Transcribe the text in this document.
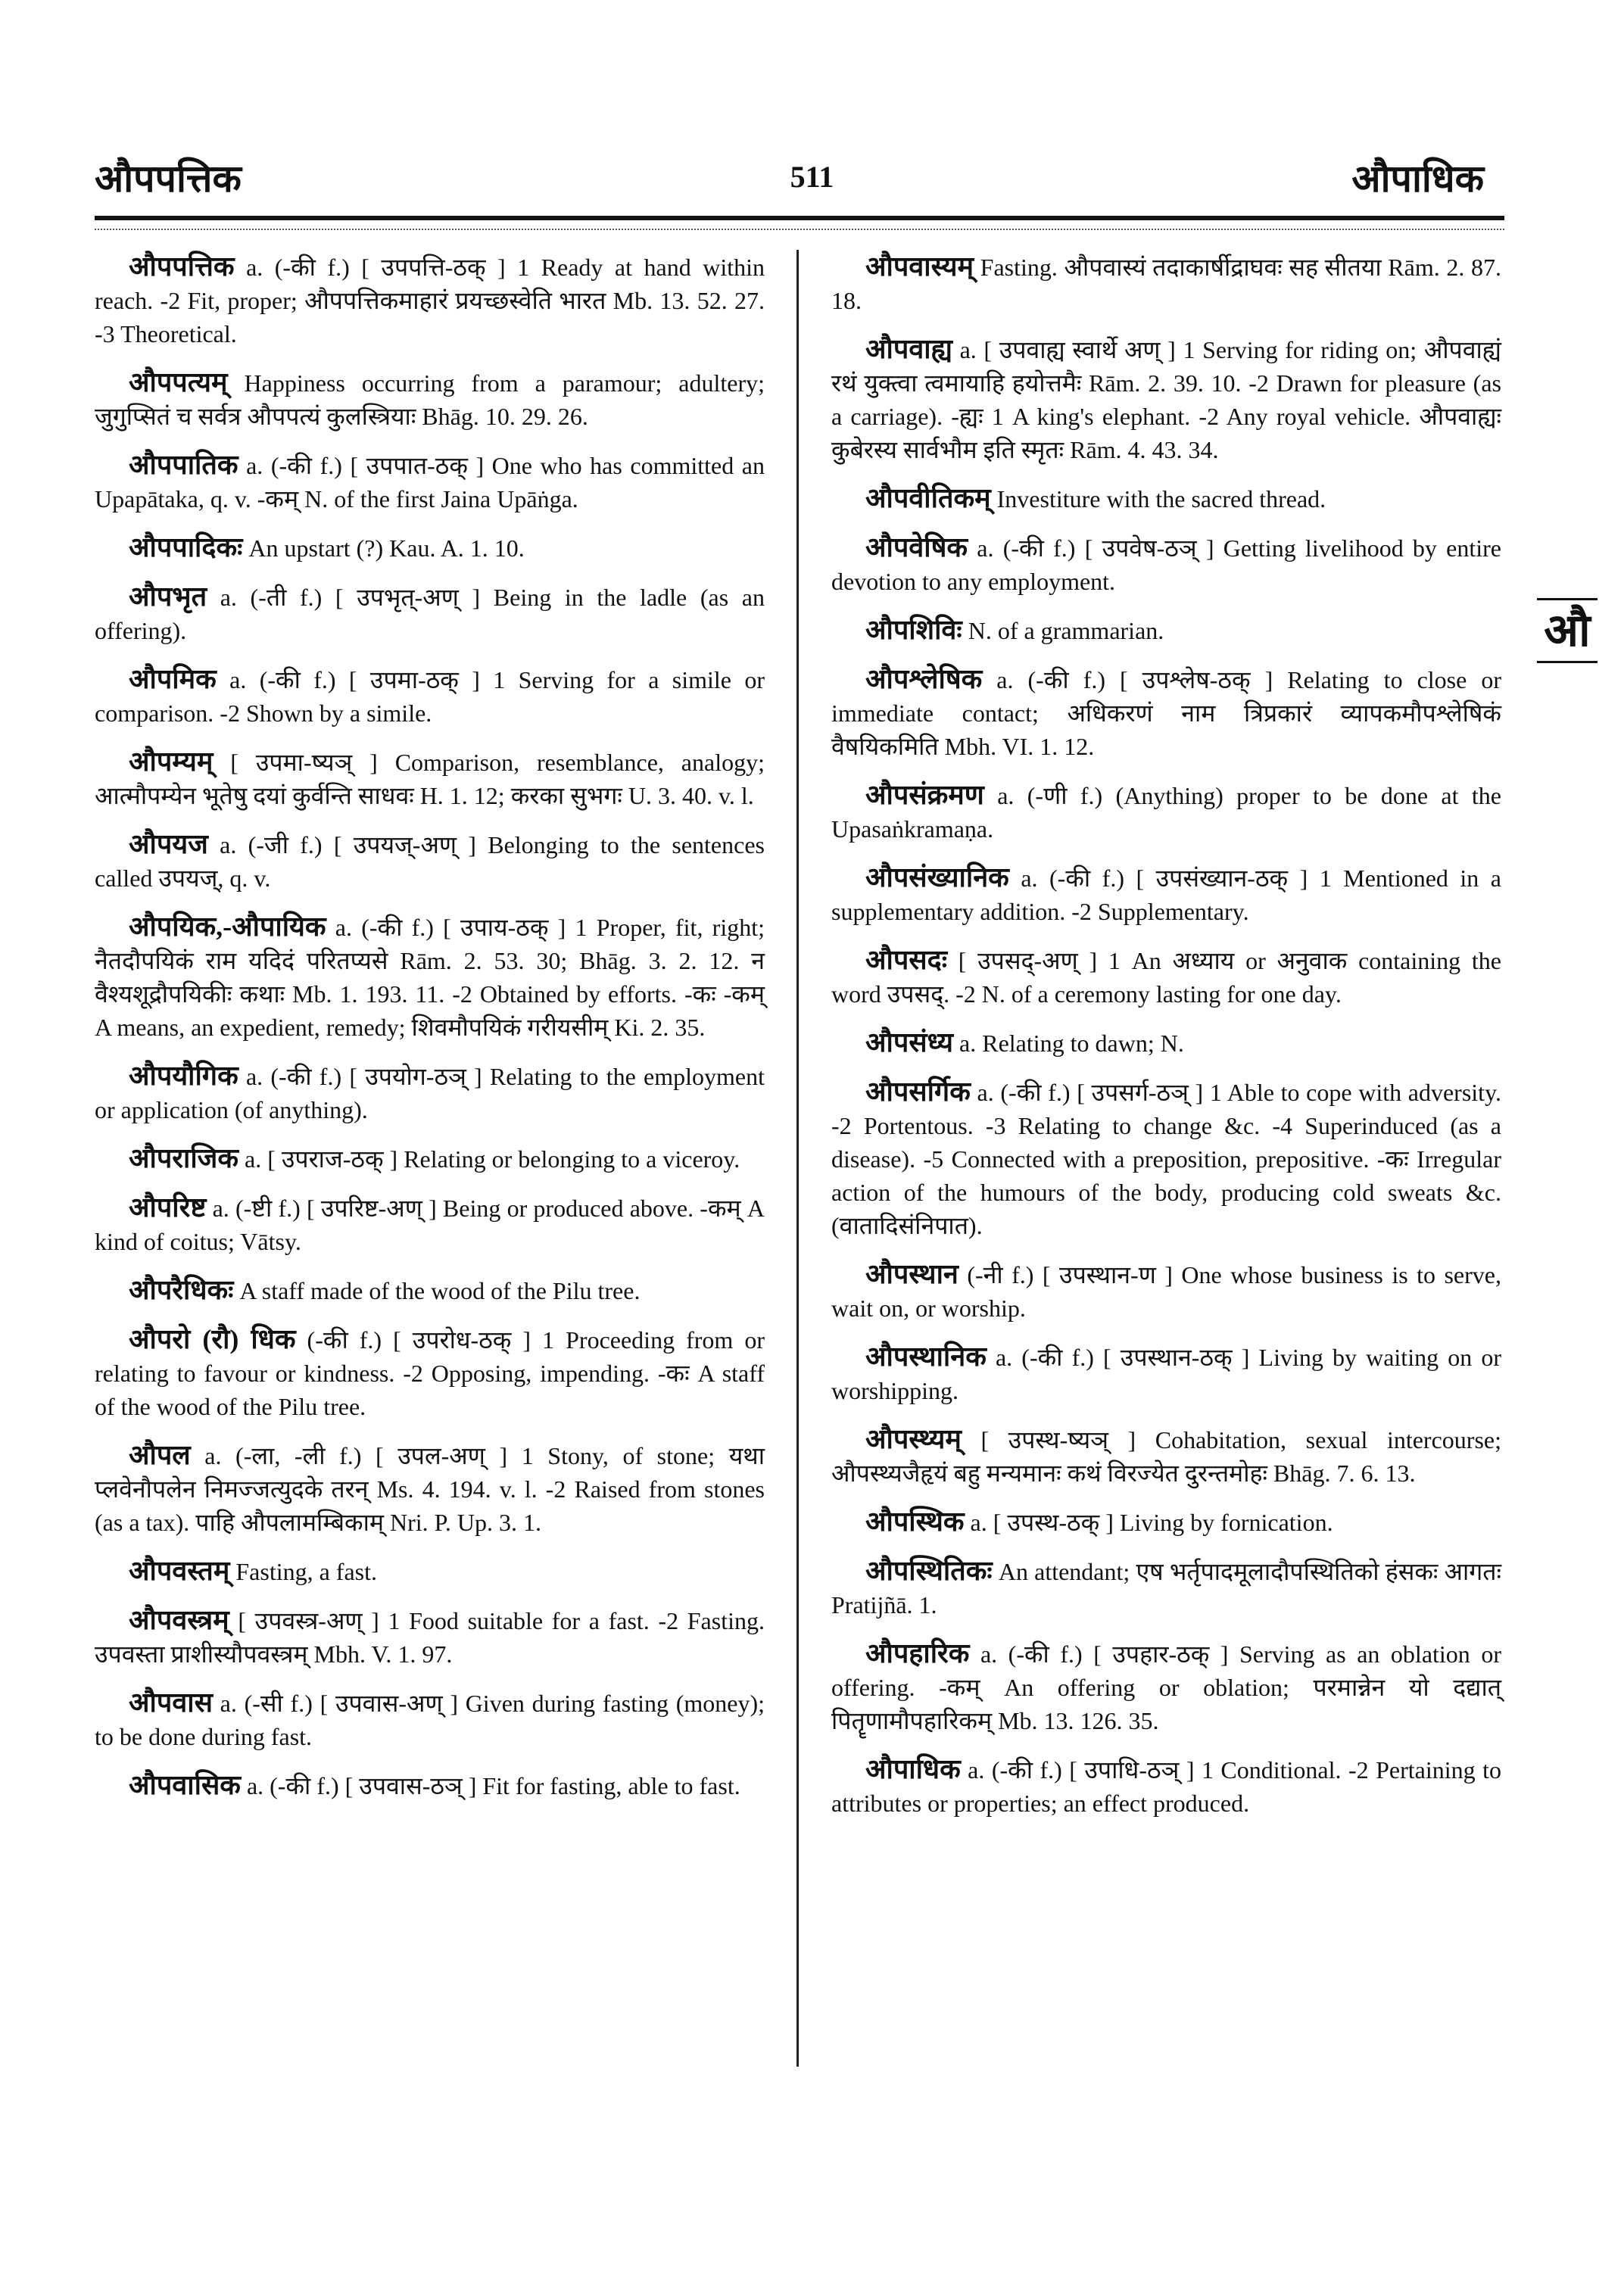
औपपत्तिक	511	औपाधिक

औपपत्तिक a. (-की f.) [ उपपत्ति-ठक् ] 1 Ready at hand within reach. -2 Fit, proper; औपपत्तिकमाहारं प्रयच्छस्वेति भारत Mb. 13. 52. 27. -3 Theoretical.

औपपत्यम् Happiness occurring from a paramour; adultery; जुगुप्सितं च सर्वत्र औपपत्यं कुलस्त्रियाः Bhāg. 10. 29. 26.

औपपातिक a. (-की f.) [ उपपात-ठक् ] One who has committed an Upapātaka, q. v. -कम् N. of the first Jaina Upāṅga.

औपपादिकः An upstart (?) Kau. A. 1. 10.

औपभृत a. (-ती f.) [ उपभृत्-अण् ] Being in the ladle (as an offering).

औपमिक a. (-की f.) [ उपमा-ठक् ] 1 Serving for a simile or comparison. -2 Shown by a simile.

औपम्यम् [ उपमा-ष्यञ् ] Comparison, resemblance, analogy; आत्मौपम्येन भूतेषु दयां कुर्वन्ति साधवः H. 1. 12; करका सुभगः U. 3. 40. v. l.

औपयज a. (-जी f.) [ उपयज्-अण् ] Belonging to the sentences called उपयज्, q. v.

औपयिक,-औपायिक a. (-की f.) [ उपाय-ठक् ] 1 Proper, fit, right; नैतदौपयिकं राम यदिदं परितप्यसे Rām. 2. 53. 30; Bhāg. 3. 2. 12. न वैश्यशूद्रौपयिकीः कथाः Mb. 1. 193. 11. -2 Obtained by efforts. -कः -कम् A means, an expedient, remedy; शिवमौपयिकं गरीयसीम् Ki. 2. 35.

औपयौगिक a. (-की f.) [ उपयोग-ठञ् ] Relating to the employment or application (of anything).

औपराजिक a. [ उपराज-ठक् ] Relating or belonging to a viceroy.

औपरिष्ट a. (-ष्टी f.) [ उपरिष्ट-अण् ] Being or produced above. -कम् A kind of coitus; Vātsy.

औपरैधिकः A staff made of the wood of the Pilu tree.

औपरो (रौ) धिक (-की f.) [ उपरोध-ठक् ] 1 Proceeding from or relating to favour or kindness. -2 Opposing, impending. -कः A staff of the wood of the Pilu tree.

औपल a. (-ला, -ली f.) [ उपल-अण् ] 1 Stony, of stone; यथा प्लवेनौपलेन निमज्जत्युदके तरन् Ms. 4. 194. v. l. -2 Raised from stones (as a tax). पाहि औपलामम्बिकाम् Nri. P. Up. 3. 1.

औपवस्तम् Fasting, a fast.

औपवस्त्रम् [ उपवस्त्र-अण् ] 1 Food suitable for a fast. -2 Fasting. उपवस्ता प्राशीस्यौपवस्त्रम् Mbh. V. 1. 97.

औपवास a. (-सी f.) [ उपवास-अण् ] Given during fasting (money); to be done during fast.

औपवासिक a. (-की f.) [ उपवास-ठञ् ] Fit for fasting, able to fast.

औपवास्यम् Fasting. औपवास्यं तदाकार्षीद्राघवः सह सीतया Rām. 2. 87. 18.

औपवाह्य a. [ उपवाह्य स्वार्थे अण् ] 1 Serving for riding on; औपवाह्यं रथं युक्त्वा त्वमायाहि हयोत्तमैः Rām. 2. 39. 10. -2 Drawn for pleasure (as a carriage). -ह्यः 1 A king's elephant. -2 Any royal vehicle. औपवाह्यः कुबेरस्य सार्वभौम इति स्मृतः Rām. 4. 43. 34.

औपवीतिकम् Investiture with the sacred thread.

औपवेषिक a. (-की f.) [ उपवेष-ठञ् ] Getting livelihood by entire devotion to any employment.

औपशिविः N. of a grammarian.

औपश्लेषिक a. (-की f.) [ उपश्लेष-ठक् ] Relating to close or immediate contact; अधिकरणं नाम त्रिप्रकारं व्यापकमौपश्लेषिकं वैषयिकमिति Mbh. VI. 1. 12.

औपसंक्रमण a. (-णी f.) (Anything) proper to be done at the Upasaṅkramaṇa.

औपसंख्यानिक a. (-की f.) [ उपसंख्यान-ठक् ] 1 Mentioned in a supplementary addition. -2 Supplementary.

औपसदः [ उपसद्-अण् ] 1 An अध्याय or अनुवाक containing the word उपसद्. -2 N. of a ceremony lasting for one day.

औपसंध्य a. Relating to dawn; N.

औपसर्गिक a. (-की f.) [ उपसर्ग-ठञ् ] 1 Able to cope with adversity. -2 Portentous. -3 Relating to change &c. -4 Superinduced (as a disease). -5 Connected with a preposition, prepositive. -कः Irregular action of the humours of the body, producing cold sweats &c. (वातादिसंनिपात).

औपस्थान (-नी f.) [ उपस्थान-ण ] One whose business is to serve, wait on, or worship.

औपस्थानिक a. (-की f.) [ उपस्थान-ठक् ] Living by waiting on or worshipping.

औपस्थ्यम् [ उपस्थ-ष्यञ् ] Cohabitation, sexual intercourse; औपस्थ्यजैहृयं बहु मन्यमानः कथं विरज्येत दुरन्तमोहः Bhāg. 7. 6. 13.

औपस्थिक a. [ उपस्थ-ठक् ] Living by fornication.

औपस्थितिकः An attendant; एष भर्तृपादमूलादौपस्थितिको हंसकः आगतः Pratijñā. 1.

औपहारिक a. (-की f.) [ उपहार-ठक् ] Serving as an oblation or offering. -कम् An offering or oblation; परमान्नेन यो दद्यात् पितॄणामौपहारिकम् Mb. 13. 126. 35.

औपाधिक a. (-की f.) [ उपाधि-ठञ् ] 1 Conditional. -2 Pertaining to attributes or properties; an effect produced.

औ
